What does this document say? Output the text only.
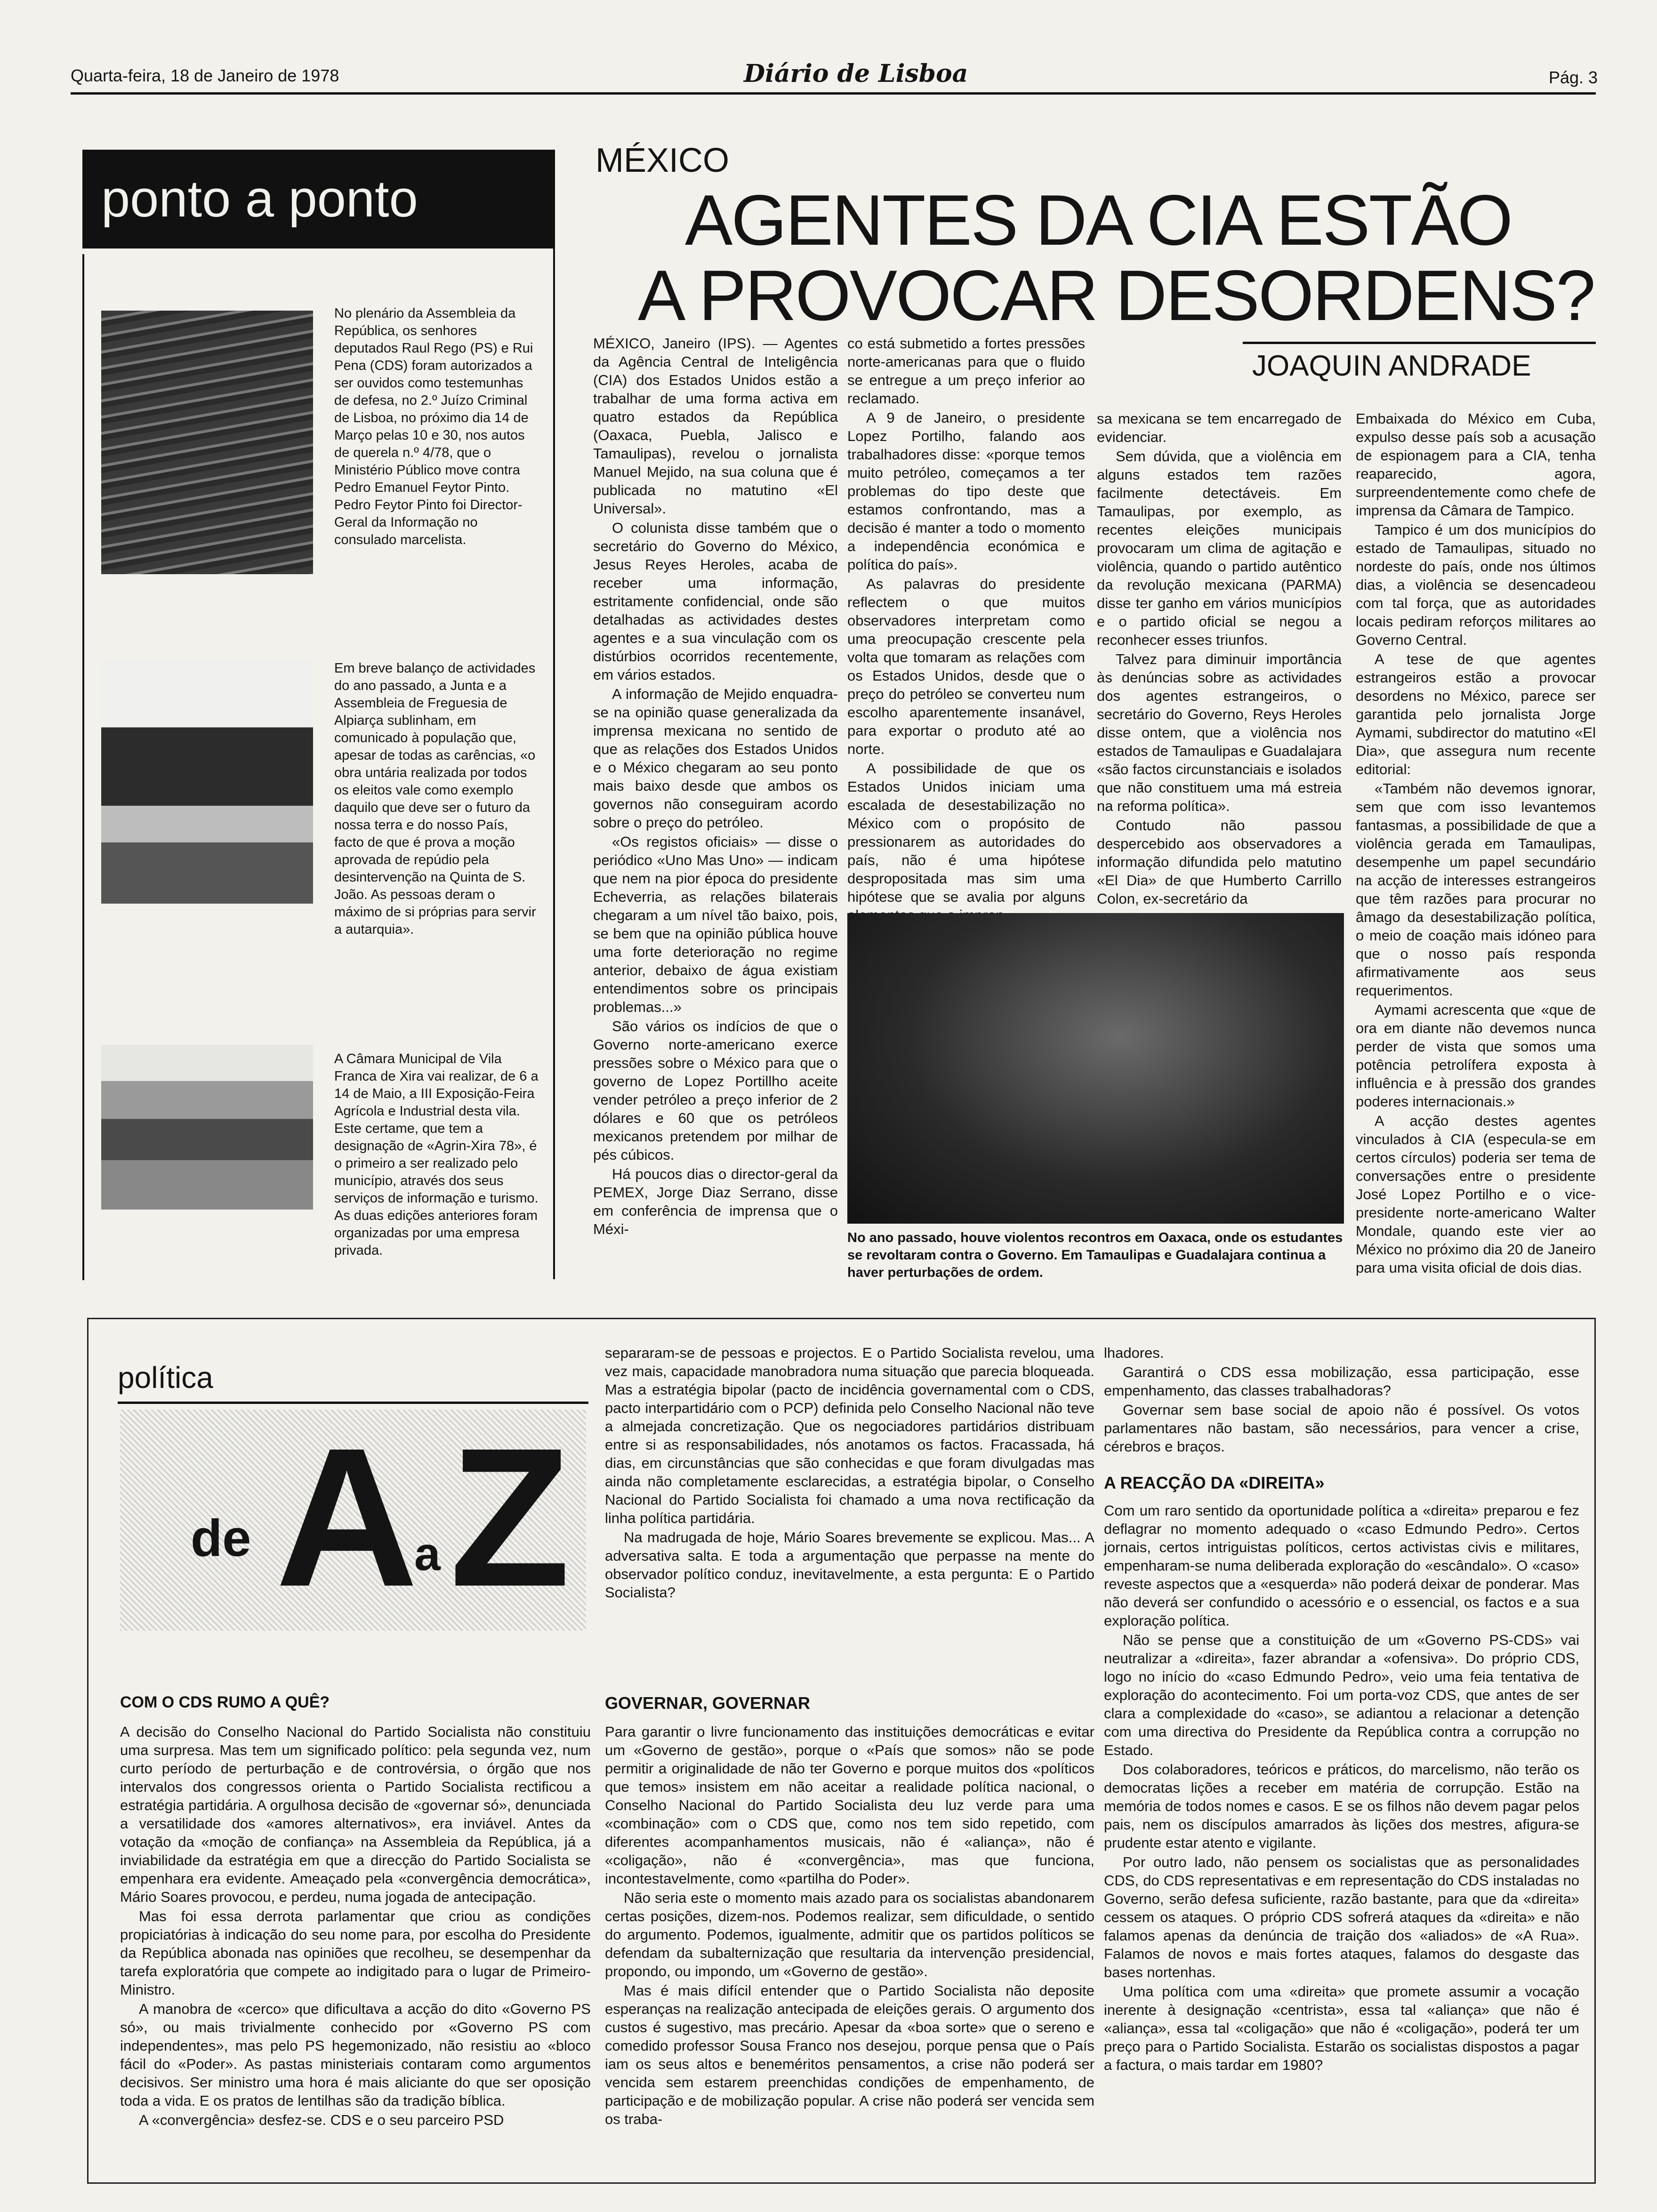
Quarta-feira, 18 de Janeiro de 1978	Diário de Lisboa	Pág. 3
ponto a ponto
No plenário da Assembleia da República, os senhores deputados Raul Rego (PS) e Rui Pena (CDS) foram autorizados a ser ouvidos como testemunhas de defesa, no 2.º Juízo Criminal de Lisboa, no próximo dia 14 de Março pelas 10 e 30, nos autos de querela n.º 4/78, que o Ministério Público move contra Pedro Emanuel Feytor Pinto. Pedro Feytor Pinto foi Director-Geral da Informação no consulado marcelista.
Em breve balanço de actividades do ano passado, a Junta e a Assembleia de Freguesia de Alpiarça sublinham, em comunicado à população que, apesar de todas as carências, «o obra untária realizada por todos os eleitos vale como exemplo daquilo que deve ser o futuro da nossa terra e do nosso País, facto de que é prova a moção aprovada de repúdio pela desintervenção na Quinta de S. João. As pessoas deram o máximo de si próprias para servir a autarquia».
A Câmara Municipal de Vila Franca de Xira vai realizar, de 6 a 14 de Maio, a III Exposição-Feira Agrícola e Industrial desta vila. Este certame, que tem a designação de «Agrin-Xira 78», é o primeiro a ser realizado pelo município, através dos seus serviços de informação e turismo. As duas edições anteriores foram organizadas por uma empresa privada.
MÉXICO
AGENTES DA CIA ESTÃO
A PROVOCAR DESORDENS?
JOAQUIN ANDRADE

MÉXICO, Janeiro (IPS). — Agentes da Agência Central de Inteligência (CIA) dos Estados Unidos estão a trabalhar de uma forma activa em quatro estados da República (Oaxaca, Puebla, Jalisco e Tamaulipas), revelou o jornalista Manuel Mejido, na sua coluna que é publicada no matutino «El Universal».

O colunista disse também que o secretário do Governo do México, Jesus Reyes Heroles, acaba de receber uma informação, estritamente confidencial, onde são detalhadas as actividades destes agentes e a sua vinculação com os distúrbios ocorridos recentemente, em vários estados.

A informação de Mejido enquadra-se na opinião quase generalizada da imprensa mexicana no sentido de que as relações dos Estados Unidos e o México chegaram ao seu ponto mais baixo desde que ambos os governos não conseguiram acordo sobre o preço do petróleo.

«Os registos oficiais» — disse o periódico «Uno Mas Uno» — indicam que nem na pior época do presidente Echeverria, as relações bilaterais chegaram a um nível tão baixo, pois, se bem que na opinião pública houve uma forte deterioração no regime anterior, debaixo de água existiam entendimentos sobre os principais problemas...»

São vários os indícios de que o Governo norte-americano exerce pressões sobre o México para que o governo de Lopez Portillho aceite vender petróleo a preço inferior de 2 dólares e 60 que os petróleos mexicanos pretendem por milhar de pés cúbicos.

Há poucos dias o director-geral da PEMEX, Jorge Diaz Serrano, disse em conferência de imprensa que o Méxi-

co está submetido a fortes pressões norte-americanas para que o fluido se entregue a um preço inferior ao reclamado.

A 9 de Janeiro, o presidente Lopez Portilho, falando aos trabalhadores disse: «porque temos muito petróleo, começamos a ter problemas do tipo deste que estamos confrontando, mas a decisão é manter a todo o momento a independência económica e política do país».

As palavras do presidente reflectem o que muitos observadores interpretam como uma preocupação crescente pela volta que tomaram as relações com os Estados Unidos, desde que o preço do petróleo se converteu num escolho aparentemente insanável, para exportar o produto até ao norte.

A possibilidade de que os Estados Unidos iniciam uma escalada de desestabilização no México com o propósito de pressionarem as autoridades do país, não é uma hipótese despropositada mas sim uma hipótese que se avalia por alguns

sa mexicana se tem encarregado de evidenciar.

Sem dúvida, que a violência em alguns estados tem razões facilmente detectáveis. Em Tamaulipas, por exemplo, as recentes eleições municipais provocaram um clima de agitação e violência, quando o partido autêntico da revolução mexicana (PARMA) disse ter ganho em vários municípios e o partido oficial se negou a reconhecer esses triunfos.

Talvez para diminuir importância às denúncias sobre as actividades dos agentes estrangeiros, o secretário do Governo, Reys Heroles disse ontem, que a violência nos estados de Tamaulipas e Guadalajara «são factos circunstanciais e isolados que não constituem uma má estreia na reforma política».

Contudo não passou despercebido aos observadores a informação difundida pelo matutino «El Dia» de que Humberto Carrillo Colon, ex-secretário da

Embaixada do México em Cuba, expulso desse país sob a acusação de espionagem para a CIA, tenha reaparecido, agora, surpreendentemente como chefe de imprensa da Câmara de Tampico.

Tampico é um dos municípios do estado de Tamaulipas, situado no nordeste do país, onde nos últimos dias, a violência se desencadeou com tal força, que as autoridades locais pediram reforços militares ao Governo Central.

A tese de que agentes estrangeiros estão a provocar desordens no México, parece ser garantida pelo jornalista Jorge Aymami, subdirector do matutino «El Dia», que assegura num recente editorial:

«Também não devemos ignorar, sem que com isso levantemos fantasmas, a possibilidade de que a violência gerada em Tamaulipas, desempenhe um papel secundário na acção de interesses estrangeiros que têm razões para procurar no âmago da desestabilização política, o meio de coação mais idóneo para que o nosso país responda afirmativamente aos seus requerimentos.

Aymami acrescenta que «que de ora em diante não devemos nunca perder de vista que somos uma potência petrolífera exposta à influência e à pressão dos grandes poderes internacionais.»

A acção destes agentes vinculados à CIA (especula-se em certos círculos) poderia ser tema de conversações entre o presidente José Lopez Portilho e o vice-presidente norte-americano Walter Mondale, quando este vier ao México no próximo dia 20 de Janeiro para uma visita oficial de dois dias.

No ano passado, houve violentos recontros em Oaxaca, onde os estudantes se revoltaram contra o Governo. Em Tamaulipas e Guadalajara continua a haver perturbações de ordem.
política
de A
a Z
COM O CDS RUMO A QUÊ?

A decisão do Conselho Nacional do Partido Socialista não constituiu uma surpresa. Mas tem um significado político: pela segunda vez, num curto período de perturbação e de controvérsia, o órgão que nos intervalos dos congressos orienta o Partido Socialista rectificou a estratégia partidária. A orgulhosa decisão de «governar só», denunciada a versatilidade dos «amores alternativos», era inviável. Antes da votação da «moção de confiança» na Assembleia da República, já a inviabilidade da estratégia em que a direcção do Partido Socialista se empenhara era evidente. Ameaçado pela «convergência democrática», Mário Soares provocou, e perdeu, numa jogada de antecipação.

Mas foi essa derrota parlamentar que criou as condições propiciatórias à indicação do seu nome para, por escolha do Presidente da República abonada nas opiniões que recolheu, se desempenhar da tarefa exploratória que compete ao indigitado para o lugar de Primeiro-Ministro.

A manobra de «cerco» que dificultava a acção do dito «Governo PS só», ou mais trivialmente conhecido por «Governo PS com independentes», mas pelo PS hegemonizado, não resistiu ao «bloco fácil do «Poder». As pastas ministeriais contaram como argumentos decisivos. Ser ministro uma hora é mais aliciante do que ser oposição toda a vida. E os pratos de lentilhas são da tradição bíblica.

A «convergência» desfez-se. CDS e o seu parceiro PSD

separaram-se de pessoas e projectos. E o Partido Socialista revelou, uma vez mais, capacidade manobradora numa situação que parecia bloqueada. Mas a estratégia bipolar (pacto de incidência governamental com o CDS, pacto interpartidário com o PCP) definida pelo Conselho Nacional não teve a almejada concretização. Que os negociadores partidários distribuam entre si as responsabilidades, nós anotamos os factos. Fracassada, há dias, em circunstâncias que são conhecidas e que foram divulgadas mas ainda não completamente esclarecidas, a estratégia bipolar, o Conselho Nacional do Partido Socialista foi chamado a uma nova rectificação da linha política partidária.

Na madrugada de hoje, Mário Soares brevemente se explicou. Mas... A adversativa salta. E toda a argumentação que perpasse na mente do observador político conduz, inevitavelmente, a esta pergunta: E o Partido Socialista?

GOVERNAR, GOVERNAR

Para garantir o livre funcionamento das instituições democráticas e evitar um «Governo de gestão», porque o «País que somos» não se pode permitir a originalidade de não ter Governo e porque muitos dos «políticos que temos» insistem em não aceitar a realidade política nacional, o Conselho Nacional do Partido Socialista deu luz verde para uma «combinação» com o CDS que, como nos tem sido repetido, com diferentes acompanhamentos musicais, não é «aliança», não é «coligação», não é «convergência», mas que funciona, incontestavelmente, como «partilha do Poder».

Não seria este o momento mais azado para os socialistas abandonarem certas posições, dizem-nos. Podemos realizar, sem dificuldade, o sentido do argumento. Podemos, igualmente, admitir que os partidos políticos se defendam da subalternização que resultaria da intervenção presidencial, propondo, ou impondo, um «Governo de gestão».

Mas é mais difícil entender que o Partido Socialista não deposite esperanças na realização antecipada de eleições gerais. O argumento dos custos é sugestivo, mas precário. Apesar da «boa sorte» que o sereno e comedido professor Sousa Franco nos desejou, porque pensa que o País iam os seus altos e beneméritos pensamentos, a crise não poderá ser vencida sem estarem preenchidas condições de empenhamento, de participação e de mobilização popular. A crise não poderá ser vencida sem os traba-

lhadores.

Garantirá o CDS essa mobilização, essa participação, esse empenhamento, das classes trabalhadoras?

Governar sem base social de apoio não é possível. Os votos parlamentares não bastam, são necessários, para vencer a crise, cérebros e braços.

A REACÇÃO DA «DIREITA»

Com um raro sentido da oportunidade política a «direita» preparou e fez deflagrar no momento adequado o «caso Edmundo Pedro». Certos jornais, certos intriguistas políticos, certos activistas civis e militares, empenharam-se numa deliberada exploração do «escândalo». O «caso» reveste aspectos que a «esquerda» não poderá deixar de ponderar. Mas não deverá ser confundido o acessório e o essencial, os factos e a sua exploração política.

Não se pense que a constituição de um «Governo PS-CDS» vai neutralizar a «direita», fazer abrandar a «ofensiva». Do próprio CDS, logo no início do «caso Edmundo Pedro», veio uma feia tentativa de exploração do acontecimento. Foi um porta-voz CDS, que antes de ser clara a complexidade do «caso», se adiantou a relacionar a detenção com uma directiva do Presidente da República contra a corrupção no Estado.

Dos colaboradores, teóricos e práticos, do marcelismo, não terão os democratas lições a receber em matéria de corrupção. Estão na memória de todos nomes e casos. E se os filhos não devem pagar pelos pais, nem os discípulos amarrados às lições dos mestres, afigura-se prudente estar atento e vigilante.

Por outro lado, não pensem os socialistas que as personalidades CDS, do CDS representativas e em representação do CDS instaladas no Governo, serão defesa suficiente, razão bastante, para que da «direita» cessem os ataques. O próprio CDS sofrerá ataques da «direita» e não falamos apenas da denúncia de traição dos «aliados» de «A Rua». Falamos de novos e mais fortes ataques, falamos do desgaste das bases nortenhas.

Uma política com uma «direita» que promete assumir a vocação inerente à designação «centrista», essa tal «aliança» que não é «aliança», essa tal «coligação» que não é «coligação», poderá ter um preço para o Partido Socialista. Estarão os socialistas dispostos a pagar a factura, o mais tardar em 1980?
